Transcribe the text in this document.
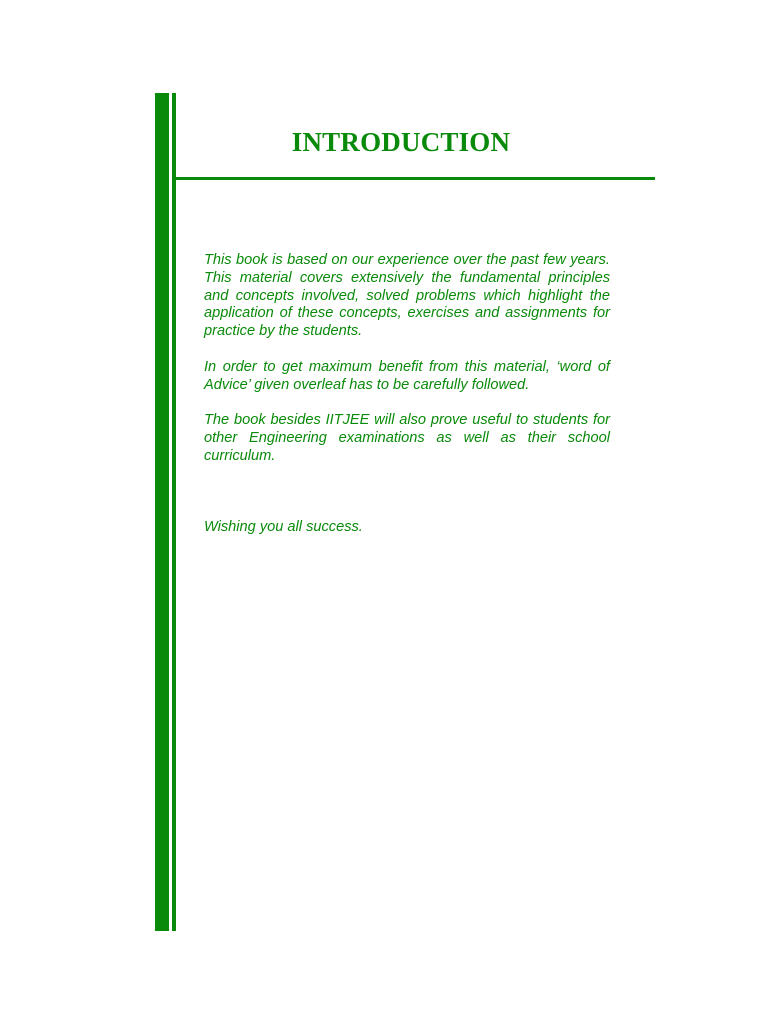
INTRODUCTION

This book is based on our experience over the past few years. This material covers extensively the fundamental principles and concepts involved, solved problems which highlight the application of these concepts, exercises and assignments for practice by the students.

In order to get maximum benefit from this material, ‘word of Advice’ given overleaf has to be carefully followed.

The book besides IITJEE will also prove useful to students for other Engineering examinations as well as their school curriculum.

Wishing you all success.
